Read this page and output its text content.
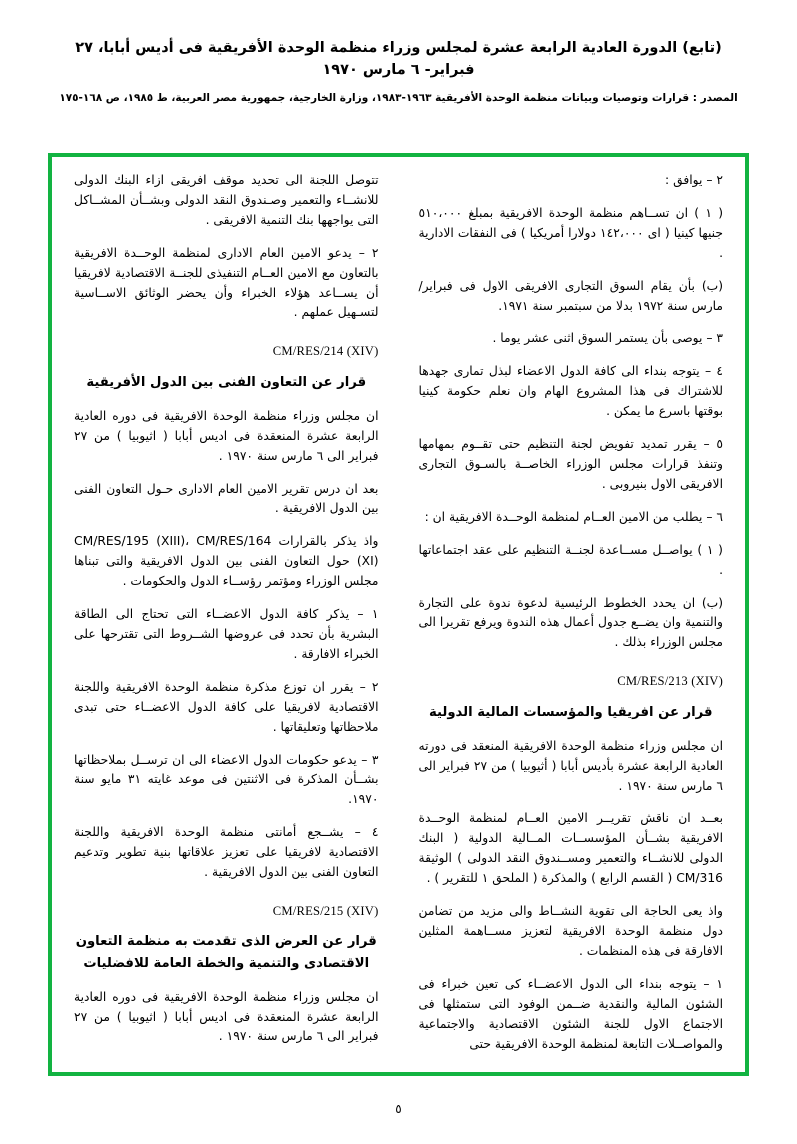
(تابع) الدورة العادية الرابعة عشرة لمجلس وزراء منظمة الوحدة الأفريقية فى أديس أبابا، ٢٧ فبراير- ٦ مارس ١٩٧٠
المصدر : قرارات وتوصيات وبيانات منظمة الوحدة الأفريقية ١٩٦٣-١٩٨٣، وزارة الخارجية، جمهورية مصر العربية، ط ١٩٨٥، ص ١٦٨-١٧٥
٢ – يوافق :
( ١ ) ان تســاهم منظمة الوحدة الافريقية بمبلغ ٥١٠،٠٠٠ جنيها كينيا ( اى ١٤٢،٠٠٠ دولارا أمريكيا ) فى النفقات الادارية .
(ب) بأن يقام السوق التجارى الافريقى الاول فى فبراير/مارس سنة ١٩٧٢ بدلا من سبتمبر سنة ١٩٧١.
٣ – يوصى بأن يستمر السوق اثنى عشر يوما .
٤ – يتوجه بنداء الى كافة الدول الاعضاء لبذل تمارى جهدها للاشتراك فى هذا المشروع الهام وان نعلم حكومة كينيا بوقتها باسرع ما يمكن .
٥ – يقرر تمديد تفويض لجنة التنظيم حتى تقــوم بمهامها وتنفذ قرارات مجلس الوزراء الخاصــة بالسـوق التجارى الافريقى الاول بنيروبى .
٦ – يطلب من الامين العــام لمنظمة الوحــدة الافريقية ان :
( ١ ) يواصــل مســاعدة لجنــة التنظيم على عقد اجتماعاتها .
(ب) ان يحدد الخطوط الرئيسية لدعوة ندوة على التجارة والتنمية وان يضــع جدول أعمال هذه الندوة ويرفع تقريرا الى مجلس الوزراء بذلك .
CM/RES/213 (XIV)
قرار عن افريقيا والمؤسسات المالية الدولية
ان مجلس وزراء منظمة الوحدة الافريقية المنعقد فى دورته العادية الرابعة عشرة بأديس أبابا ( أثيوبيا ) من ٢٧ فبراير الى ٦ مارس سنة ١٩٧٠ .
بعــد ان ناقش تقريــر الامين العــام لمنظمة الوحــدة الافريقية بشــأن المؤسســات المــالية الدولية ( البنك الدولى للانشــاء والتعمير ومســندوق النقد الدولى ) الوثيقة CM/316 ( القسم الرابع ) والمذكرة ( الملحق ١ للتقرير ) .
واذ يعى الحاجة الى تقوية النشــاط والى مزيد من تضامن دول منظمة الوحدة الافريقية لتعزيز مســاهمة المثلين الافارقة فى هذه المنظمات .
١ – يتوجه بنداء الى الدول الاعضــاء كى تعين خبراء فى الشئون المالية والنقدية ضــمن الوفود التى ستمثلها فى الاجتماع الاول للجنة الشئون الاقتصادية والاجتماعية والمواصــلات التابعة لمنظمة الوحدة الافريقية حتى
تتوصل اللجنة الى تحديد موقف افريقى ازاء البنك الدولى للانشــاء والتعمير وصـندوق النقد الدولى وبشــأن المشــاكل التى يواجهها بنك التنمية الافريقى .
٢ – يدعو الامين العام الادارى لمنظمة الوحــدة الافريقية بالتعاون مع الامين العــام التنفيذى للجنــة الاقتصادية لافريقيا أن يســاعد هؤلاء الخبراء وأن يحضر الوثائق الاســاسية لتسـهيل عملهم .
CM/RES/214 (XIV)
قرار عن التعاون الفنى بين الدول الأفريقية
ان مجلس وزراء منظمة الوحدة الافريقية فى دوره العادية الرابعة عشرة المنعقدة فى اديس أبابا ( اثيوبيا ) من ٢٧ فبراير الى ٦ مارس سنة ١٩٧٠ .
بعد ان درس تقرير الامين العام الادارى حـول التعاون الفنى بين الدول الافريقية .
واذ يذكر بالقرارات CM/RES/195 (XIII)، CM/RES/164 (XI) حول التعاون الفنى بين الدول الافريقية والتى تبناها مجلس الوزراء ومؤتمر رؤســاء الدول والحكومات .
١ – يذكر كافة الدول الاعضــاء التى تحتاج الى الطاقة البشرية بأن تحدد فى عروضها الشــروط التى تقترحها على الخبراء الافارقة .
٢ – يقرر ان توزع مذكرة منظمة الوحدة الافريقية واللجنة الاقتصادية لافريقيا على كافة الدول الاعضــاء حتى تبدى ملاحظاتها وتعليقاتها .
٣ – يدعو حكومات الدول الاعضاء الى ان ترســل بملاحظاتها بشــأن المذكرة فى الاثنتين فى موعد غايته ٣١ مايو سنة ١٩٧٠.
٤ – يشــجع أمانتى منظمة الوحدة الافريقية واللجنة الاقتصادية لافريقيا على تعزيز علاقاتها بنية تطوير وتدعيم التعاون الفنى بين الدول الافريقية .
CM/RES/215 (XIV)
قرار عن العرض الذى تقدمت به منظمة التعاون الاقتصادى والتنمية والخطة العامة للافضليات
ان مجلس وزراء منظمة الوحدة الافريقية فى دوره العادية الرابعة عشرة المنعقدة فى اديس أبابا ( اثيوبيا ) من ٢٧ فبراير الى ٦ مارس سنة ١٩٧٠ .
٥
